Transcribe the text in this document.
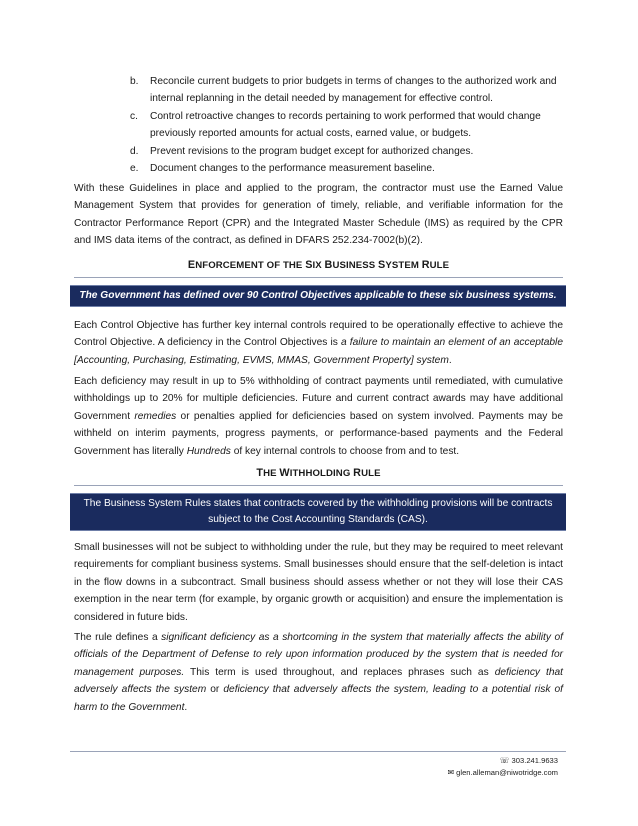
b.	Reconcile current budgets to prior budgets in terms of changes to the authorized work and internal replanning in the detail needed by management for effective control.
c.	Control retroactive changes to records pertaining to work performed that would change previously reported amounts for actual costs, earned value, or budgets.
d.	Prevent revisions to the program budget except for authorized changes.
e.	Document changes to the performance measurement baseline.

With these Guidelines in place and applied to the program, the contractor must use the Earned Value Management System that provides for generation of timely, reliable, and verifiable information for the Contractor Performance Report (CPR) and the Integrated Master Schedule (IMS) as required by the CPR and IMS data items of the contract, as defined in DFARS 252.234-7002(b)(2).

ENFORCEMENT OF THE SIX BUSINESS SYSTEM RULE
The Government has defined over 90 Control Objectives applicable to these six business systems.

Each Control Objective has further key internal controls required to be operationally effective to achieve the Control Objective. A deficiency in the Control Objectives is a failure to maintain an element of an acceptable [Accounting, Purchasing, Estimating, EVMS, MMAS, Government Property] system.

Each deficiency may result in up to 5% withholding of contract payments until remediated, with cumulative withholdings up to 20% for multiple deficiencies. Future and current contract awards may have additional Government remedies or penalties applied for deficiencies based on system involved. Payments may be withheld on interim payments, progress payments, or performance-based payments and the Federal Government has literally Hundreds of key internal controls to choose from and to test.

THE WITHHOLDING RULE
The Business System Rules states that contracts covered by the withholding provisions will be contracts subject to the Cost Accounting Standards (CAS).

Small businesses will not be subject to withholding under the rule, but they may be required to meet relevant requirements for compliant business systems. Small businesses should ensure that the self-deletion is intact in the flow downs in a subcontract. Small business should assess whether or not they will lose their CAS exemption in the near term (for example, by organic growth or acquisition) and ensure the implementation is considered in future bids.

The rule defines a significant deficiency as a shortcoming in the system that materially affects the ability of officials of the Department of Defense to rely upon information produced by the system that is needed for management purposes. This term is used throughout, and replaces phrases such as deficiency that adversely affects the system or deficiency that adversely affects the system, leading to a potential risk of harm to the Government.

☏ 303.241.9633
✉ glen.alleman@niwotridge.com
